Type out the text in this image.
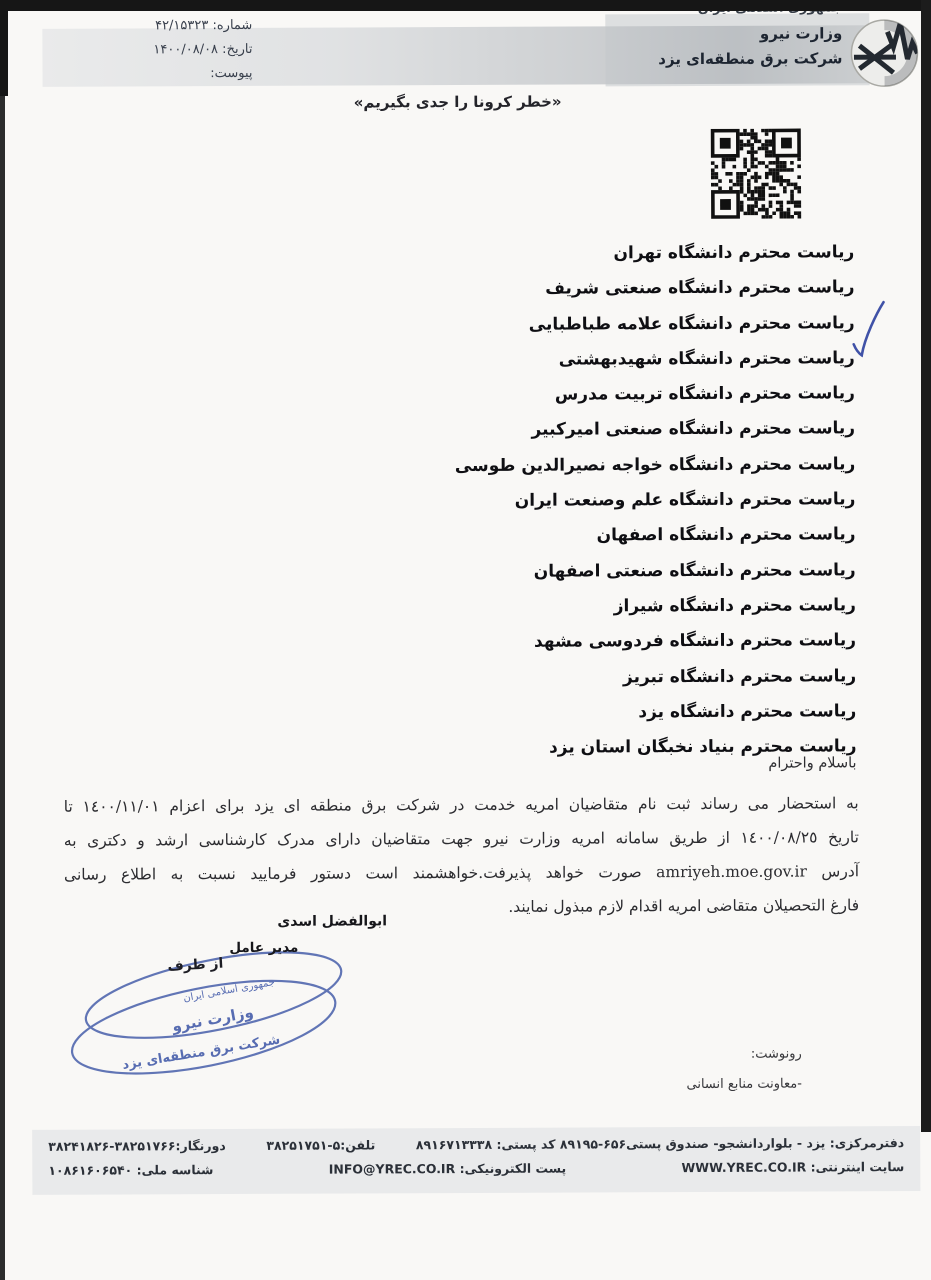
شماره: ۴۲/۱۵۳۲۳
تاریخ: ۱۴۰۰/۰۸/۰۸
پیوست:
وزارت نیرو
شرکت برق منطقه‌ای یزد
«خطر کرونا را جدی بگیریم»
ریاست محترم دانشگاه تهران
ریاست محترم دانشگاه صنعتی شریف
ریاست محترم دانشگاه علامه طباطبایی
ریاست محترم دانشگاه شهیدبهشتی
ریاست محترم دانشگاه تربیت مدرس
ریاست محترم دانشگاه صنعتی امیرکبیر
ریاست محترم دانشگاه خواجه نصیرالدین طوسی
ریاست محترم دانشگاه علم وصنعت ایران
ریاست محترم دانشگاه اصفهان
ریاست محترم دانشگاه صنعتی اصفهان
ریاست محترم دانشگاه شیراز
ریاست محترم دانشگاه فردوسی مشهد
ریاست محترم دانشگاه تبریز
ریاست محترم دانشگاه یزد
ریاست محترم بنیاد نخبگان استان یزد
باسلام واحترام
به استحضار می رساند ثبت نام متقاضیان امریه خدمت در شرکت برق منطقه ای یزد برای اعزام ١٤٠٠/١١/٠١ تا
تاریخ ١٤٠٠/٠٨/٢٥ از طریق سامانه امریه وزارت نیرو جهت متقاضیان دارای مدرک کارشناسی ارشد و دکتری به
آدرس amriyeh.moe.gov.ir صورت خواهد پذیرفت.خواهشمند است دستور فرمایید نسبت به اطلاع رسانی
فارغ التحصیلان متقاضی امریه اقدام لازم مبذول نمایند.
ابوالفضل اسدی
مدیر عامل
از طرف
جمهوری اسلامی ایران
وزارت نیرو
شرکت برق منطقه‌ای یزد	رونوشت:
-معاونت منابع انسانی
دفترمرکزی: یزد - بلواردانشجو- صندوق پستی۶۵۶-۸۹۱۹۵ کد پستی: ۸۹۱۶۷۱۳۳۳۸
تلفن:۵-۳۸۲۵۱۷۵۱
دورنگار:۳۸۲۵۱۷۶۶-۳۸۲۴۱۸۲۶
سایت اینترنتی: WWW.YREC.CO.IR
پست الکترونیکی: INFO@YREC.CO.IR
شناسه ملی: ۱۰۸۶۱۶۰۶۵۴۰
